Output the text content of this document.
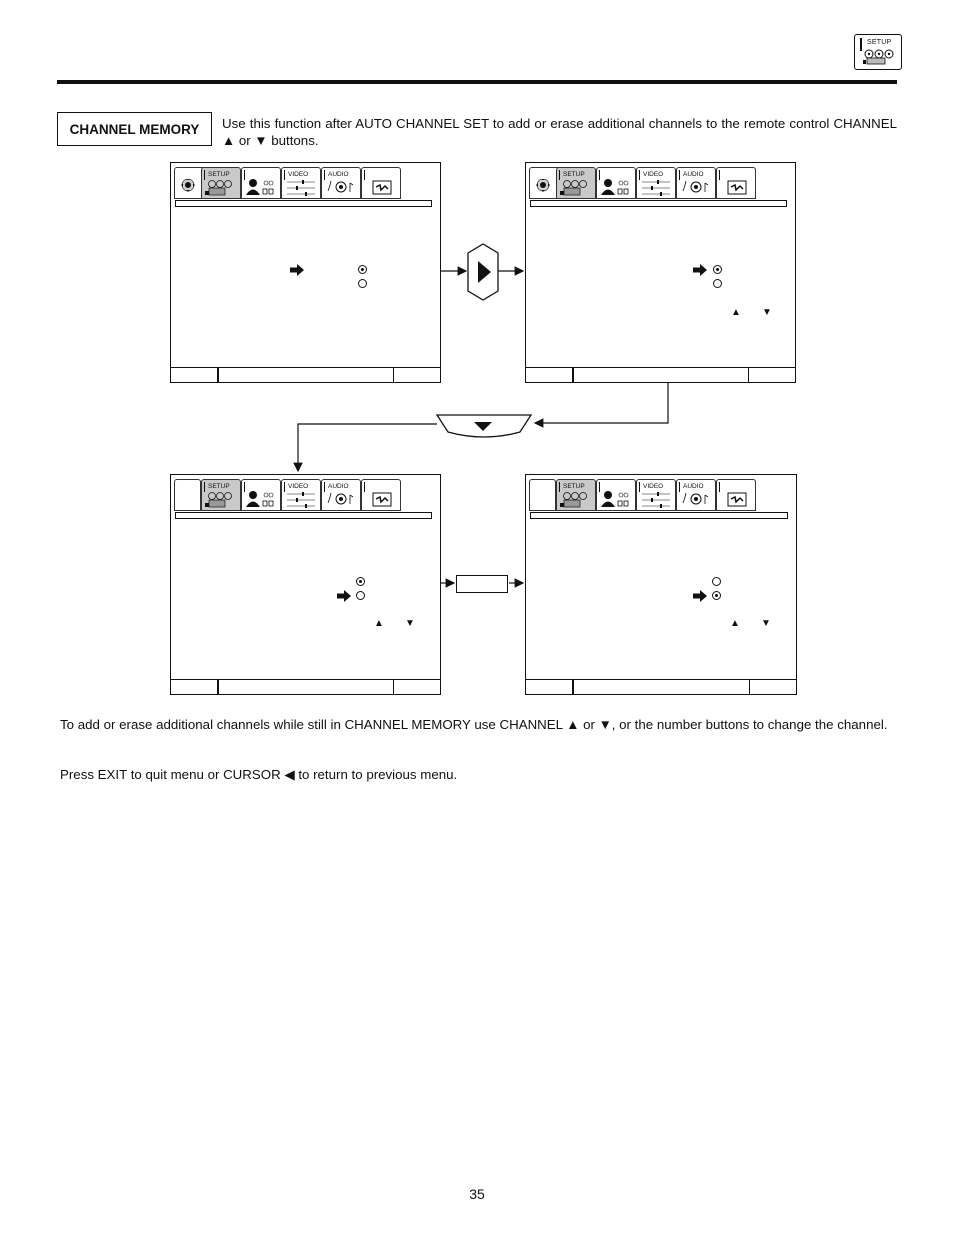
SETUP
CHANNEL MEMORY	Use this function after AUTO CHANNEL SET to add or erase additional channels to the remote control CHANNEL ▲ or ▼ buttons.
SETUP	VIDEO	AUDIO	SETUP	VIDEO	AUDIO
▲ ▼
SETUP	VIDEO	AUDIO
▲ ▼
SETUP	VIDEO	AUDIO
▲ ▼
To add or erase additional channels while still in CHANNEL MEMORY use CHANNEL ▲ or ▼, or the number buttons to change the channel.
Press EXIT to quit menu or CURSOR ◀ to return to previous menu.
35
